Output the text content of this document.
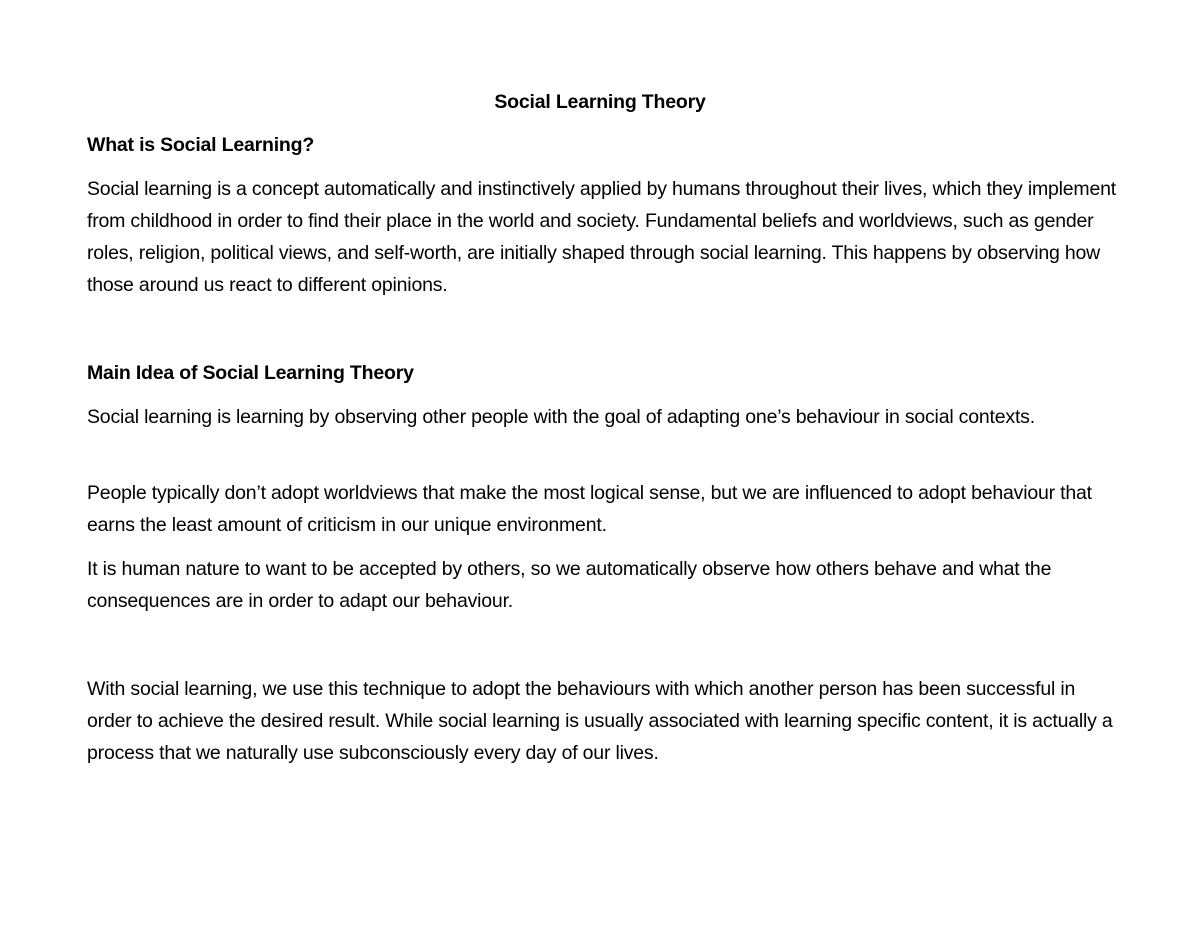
Social Learning Theory

What is Social Learning?

Social learning is a concept automatically and instinctively applied by humans throughout their lives, which they implement from childhood in order to find their place in the world and society. Fundamental beliefs and worldviews, such as gender roles, religion, political views, and self-worth, are initially shaped through social learning. This happens by observing how those around us react to different opinions.

Main Idea of Social Learning Theory

Social learning is learning by observing other people with the goal of adapting one’s behaviour in social contexts.

People typically don’t adopt worldviews that make the most logical sense, but we are influenced to adopt behaviour that earns the least amount of criticism in our unique environment.

It is human nature to want to be accepted by others, so we automatically observe how others behave and what the consequences are in order to adapt our behaviour.

With social learning, we use this technique to adopt the behaviours with which another person has been successful in order to achieve the desired result. While social learning is usually associated with learning specific content, it is actually a process that we naturally use subconsciously every day of our lives.
